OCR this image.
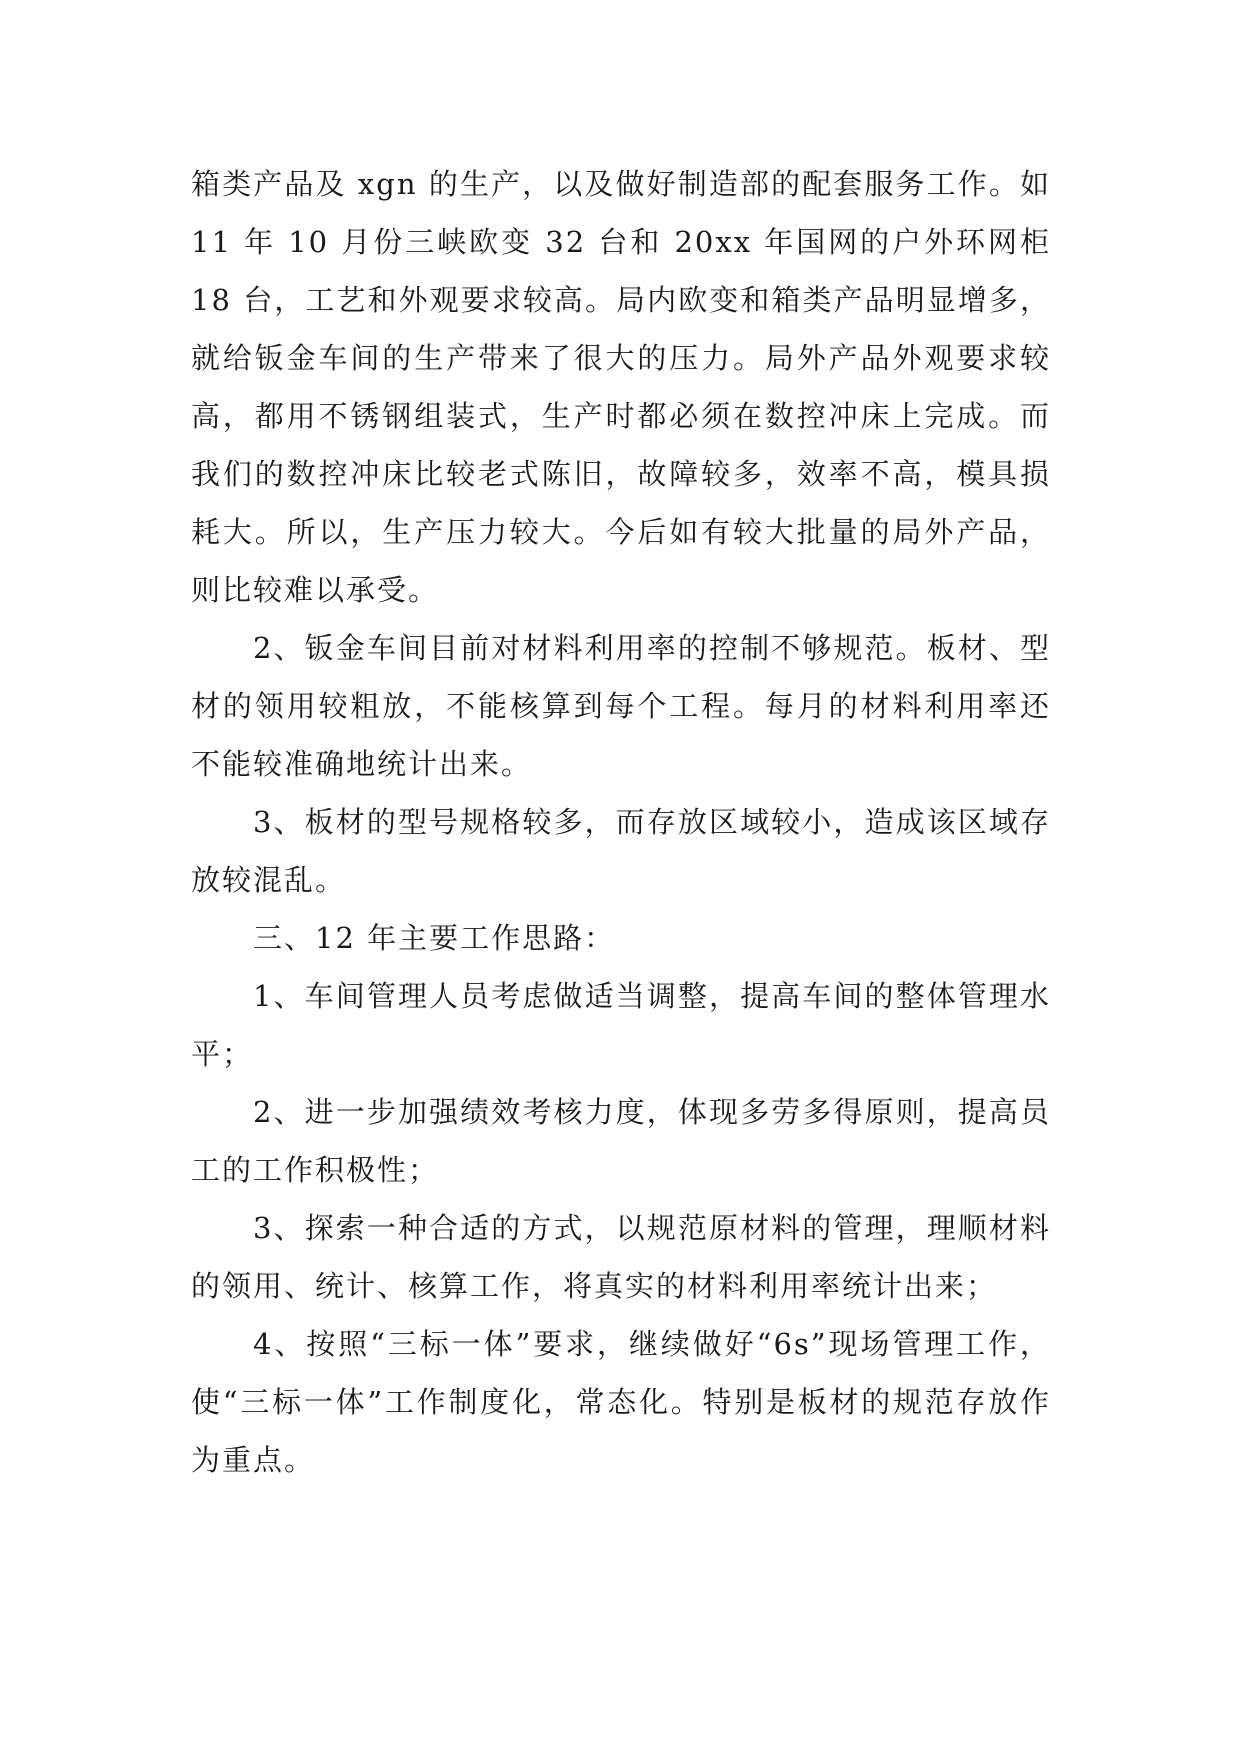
箱类产品及 xgn 的生产，以及做好制造部的配套服务工作。如 11 年 10 月份三峡欧变 32 台和 20xx 年国网的户外环网柜 18 台，工艺和外观要求较高。局内欧变和箱类产品明显增多，就给钣金车间的生产带来了很大的压力。局外产品外观要求较高，都用不锈钢组装式，生产时都必须在数控冲床上完成。而我们的数控冲床比较老式陈旧，故障较多，效率不高，模具损耗大。所以，生产压力较大。今后如有较大批量的局外产品，则比较难以承受。

2、钣金车间目前对材料利用率的控制不够规范。板材、型材的领用较粗放，不能核算到每个工程。每月的材料利用率还不能较准确地统计出来。

3、板材的型号规格较多，而存放区域较小，造成该区域存放较混乱。

三、12 年主要工作思路：

1、车间管理人员考虑做适当调整，提高车间的整体管理水平；

2、进一步加强绩效考核力度，体现多劳多得原则，提高员工的工作积极性；

3、探索一种合适的方式，以规范原材料的管理，理顺材料的领用、统计、核算工作，将真实的材料利用率统计出来；

4、按照“三标一体”要求，继续做好“6s”现场管理工作，使“三标一体”工作制度化，常态化。特别是板材的规范存放作为重点。
